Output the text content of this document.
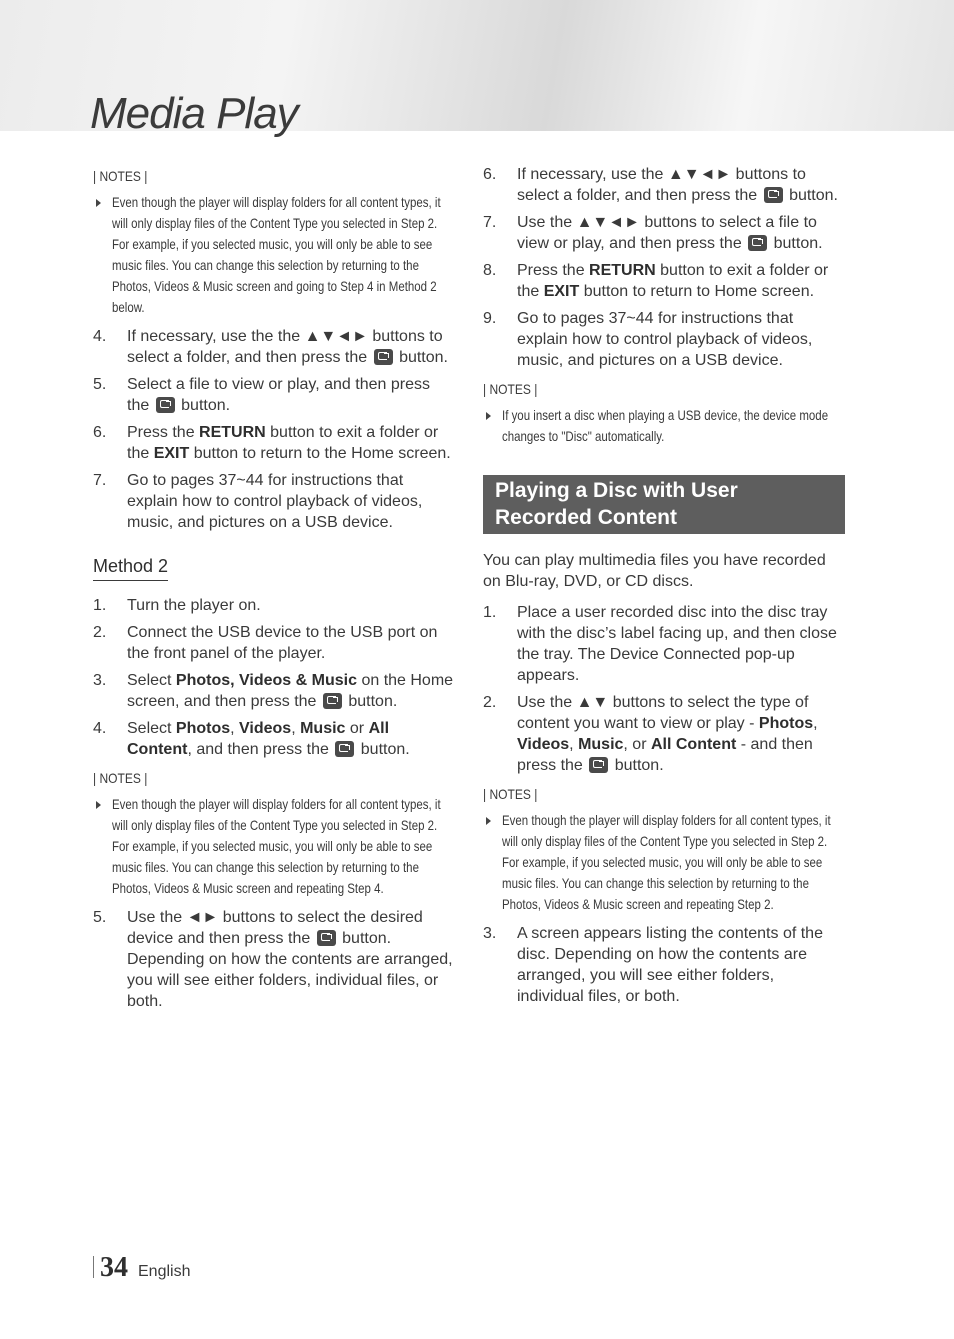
Media Play
| NOTES |
Even though the player will display folders for all content types, it will only display files of the Content Type you selected in Step 2. For example, if you selected music, you will only be able to see music files. You can change this selection by returning to the Photos, Videos & Music screen and going to Step 4 in Method 2 below.
4. If necessary, use the the ▲▼◄► buttons to select a folder, and then press the button.
5. Select a file to view or play, and then press the button.
6. Press the RETURN button to exit a folder or the EXIT button to return to the Home screen.
7. Go to pages 37~44 for instructions that explain how to control playback of videos, music, and pictures on a USB device.
Method 2
1. Turn the player on.
2. Connect the USB device to the USB port on the front panel of the player.
3. Select Photos, Videos & Music on the Home screen, and then press the button.
4. Select Photos, Videos, Music or All Content, and then press the button.
| NOTES |
Even though the player will display folders for all content types, it will only display files of the Content Type you selected in Step 2. For example, if you selected music, you will only be able to see music files. You can change this selection by returning to the Photos, Videos & Music screen and repeating Step 4.
5. Use the ◄► buttons to select the desired device and then press the button. Depending on how the contents are arranged, you will see either folders, individual files, or both.
6. If necessary, use the ▲▼◄► buttons to select a folder, and then press the button.
7. Use the ▲▼◄► buttons to select a file to view or play, and then press the button.
8. Press the RETURN button to exit a folder or the EXIT button to return to Home screen.
9. Go to pages 37~44 for instructions that explain how to control playback of videos, music, and pictures on a USB device.
| NOTES |
If you insert a disc when playing a USB device, the device mode changes to "Disc" automatically.
Playing a Disc with User Recorded Content

You can play multimedia files you have recorded on Blu-ray, DVD, or CD discs.

1. Place a user recorded disc into the disc tray with the disc’s label facing up, and then close the tray. The Device Connected pop-up appears.
2. Use the ▲▼ buttons to select the type of content you want to view or play - Photos, Videos, Music, or All Content - and then press the button.
| NOTES |
Even though the player will display folders for all content types, it will only display files of the Content Type you selected in Step 2. For example, if you selected music, you will only be able to see music files. You can change this selection by returning to the Photos, Videos & Music screen and repeating Step 2.
3. A screen appears listing the contents of the disc. Depending on how the contents are arranged, you will see either folders, individual files, or both.
34 English
